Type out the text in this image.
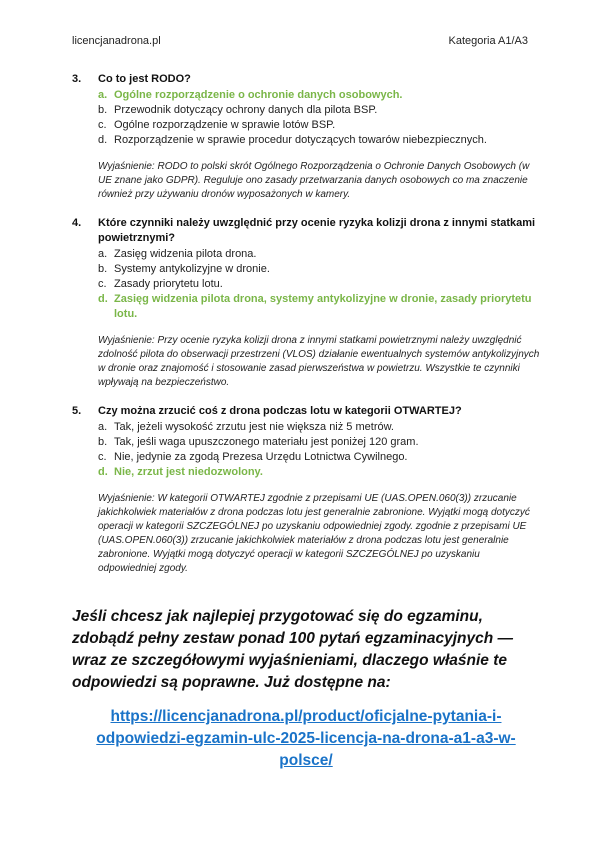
licencjanadrona.pl	Kategoria A1/A3
3.	Co to jest RODO?
a. Ogólne rozporządzenie o ochronie danych osobowych.
b. Przewodnik dotyczący ochrony danych dla pilota BSP.
c. Ogólne rozporządzenie w sprawie lotów BSP.
d. Rozporządzenie w sprawie procedur dotyczących towarów niebezpiecznych.
Wyjaśnienie: RODO to polski skrót Ogólnego Rozporządzenia o Ochronie Danych Osobowych (w UE znane jako GDPR). Reguluje ono zasady przetwarzania danych osobowych co ma znaczenie również przy używaniu dronów wyposażonych w kamery.
4.	Które czynniki należy uwzględnić przy ocenie ryzyka kolizji drona z innymi statkami powietrznymi?
a. Zasięg widzenia pilota drona.
b. Systemy antykolizyjne w dronie.
c. Zasady priorytetu lotu.
d. Zasięg widzenia pilota drona, systemy antykolizyjne w dronie, zasady priorytetu lotu.
Wyjaśnienie: Przy ocenie ryzyka kolizji drona z innymi statkami powietrznymi należy uwzględnić zdolność pilota do obserwacji przestrzeni (VLOS) działanie ewentualnych systemów antykolizyjnych w dronie oraz znajomość i stosowanie zasad pierwszeństwa w powietrzu. Wszystkie te czynniki wpływają na bezpieczeństwo.
5.	Czy można zrzucić coś z drona podczas lotu w kategorii OTWARTEJ?
a. Tak, jeżeli wysokość zrzutu jest nie większa niż 5 metrów.
b. Tak, jeśli waga upuszczonego materiału jest poniżej 120 gram.
c. Nie, jedynie za zgodą Prezesa Urzędu Lotnictwa Cywilnego.
d. Nie, zrzut jest niedozwolony.
Wyjaśnienie: W kategorii OTWARTEJ zgodnie z przepisami UE (UAS.OPEN.060(3)) zrzucanie jakichkolwiek materiałów z drona podczas lotu jest generalnie zabronione. Wyjątki mogą dotyczyć operacji w kategorii SZCZEGÓLNEJ po uzyskaniu odpowiedniej zgody. zgodnie z przepisami UE (UAS.OPEN.060(3)) zrzucanie jakichkolwiek materiałów z drona podczas lotu jest generalnie zabronione. Wyjątki mogą dotyczyć operacji w kategorii SZCZEGÓLNEJ po uzyskaniu odpowiedniej zgody.
Jeśli chcesz jak najlepiej przygotować się do egzaminu, zdobądź pełny zestaw ponad 100 pytań egzaminacyjnych — wraz ze szczegółowymi wyjaśnieniami, dlaczego właśnie te odpowiedzi są poprawne. Już dostępne na:
https://licencjanadrona.pl/product/oficjalne-pytania-i-odpowiedzi-egzamin-ulc-2025-licencja-na-drona-a1-a3-w-polsce/
